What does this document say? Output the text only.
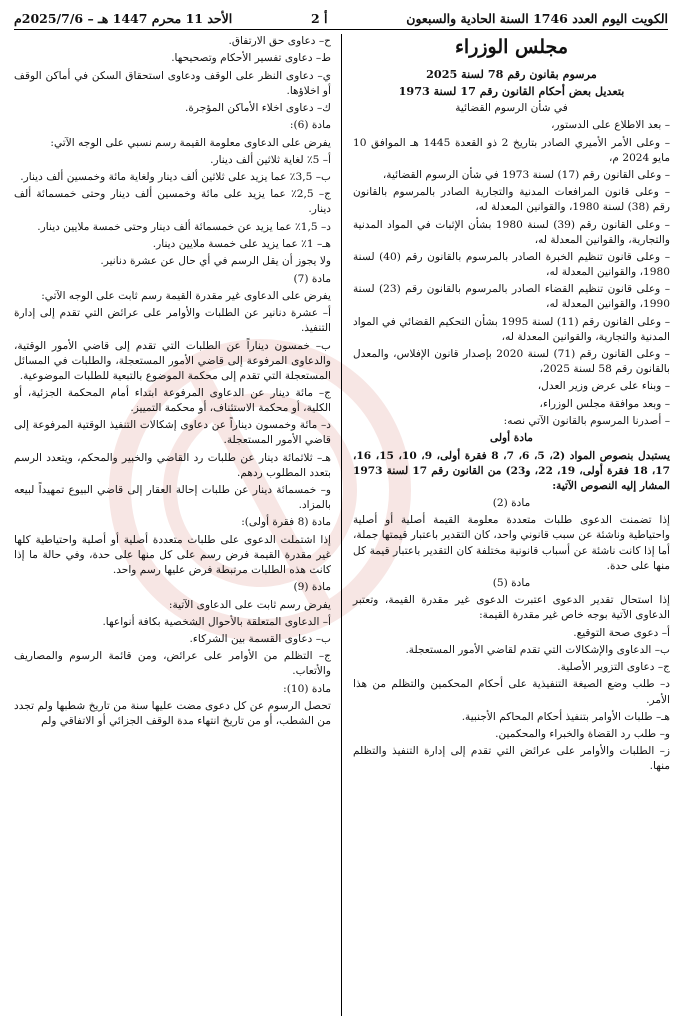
الكويت اليوم العدد 1746 السنة الحادية والسبعون
أ 2
الأحد 11 محرم 1447 هـ – 2025/7/6م
مجلس الوزراء

مرسوم بقانون رقم 78 لسنة 2025

بتعديل بعض أحكام القانون رقم 17 لسنة 1973

في شأن الرسوم القضائية

– بعد الاطلاع على الدستور،

– وعلى الأمر الأميري الصادر بتاريخ 2 ذو القعدة 1445 هـ الموافق 10 مايو 2024 م،

– وعلى القانون رقم (17) لسنة 1973 في شأن الرسوم القضائية،

– وعلى قانون المرافعات المدنية والتجارية الصادر بالمرسوم بالقانون رقم (38) لسنة 1980، والقوانين المعدلة له،

– وعلى القانون رقم (39) لسنة 1980 بشأن الإثبات في المواد المدنية والتجارية، والقوانين المعدلة له،

– وعلى قانون تنظيم الخبرة الصادر بالمرسوم بالقانون رقم (40) لسنة 1980، والقوانين المعدلة له،

– وعلى قانون تنظيم القضاء الصادر بالمرسوم بالقانون رقم (23) لسنة 1990، والقوانين المعدلة له،

– وعلى القانون رقم (11) لسنة 1995 بشأن التحكيم القضائي في المواد المدنية والتجارية، والقوانين المعدلة له،

– وعلى القانون رقم (71) لسنة 2020 بإصدار قانون الإفلاس، والمعدل بالقانون رقم 58 لسنة 2025،

– وبناء على عرض وزير العدل،

– وبعد موافقة مجلس الوزراء،

– أصدرنا المرسوم بالقانون الآتي نصه:

مادة أولى

يستبدل بنصوص المواد (2، 5، 6، 7، 8 فقرة أولى، 9، 10، 15، 16، 17، 18 فقرة أولى، 19، 22، و23) من القانون رقم 17 لسنة 1973 المشار إليه النصوص الآتية:

مادة (2)

إذا تضمنت الدعوى طلبات متعددة معلومة القيمة أصلية أو أصلية واحتياطية وناشئة عن سبب قانوني واحد، كان التقدير باعتبار قيمتها جملة، أما إذا كانت ناشئة عن أسباب قانونية مختلفة كان التقدير باعتبار قيمة كل منها على حدة.

مادة (5)

إذا استحال تقدير الدعوى اعتبرت الدعوى غير مقدرة القيمة، وتعتبر الدعاوى الآتية بوجه خاص غير مقدرة القيمة:

أ– دعوى صحة التوقيع.

ب– الدعاوى والإشكالات التي تقدم لقاضي الأمور المستعجلة.

ج– دعاوى التزوير الأصلية.

د– طلب وضع الصيغة التنفيذية على أحكام المحكمين والتظلم من هذا الأمر.

هـ– طلبات الأوامر بتنفيذ أحكام المحاكم الأجنبية.

و– طلب رد القضاة والخبراء والمحكمين.

ز– الطلبات والأوامر على عرائض التي تقدم إلى إدارة التنفيذ والتظلم منها.

ح– دعاوى حق الارتفاق.

ط– دعاوى تفسير الأحكام وتصحيحها.

ي– دعاوى النظر على الوقف ودعاوى استحقاق السكن في أماكن الوقف أو اخلاؤها.

ك– دعاوى اخلاء الأماكن المؤجرة.

مادة (6):

يفرض على الدعاوى معلومة القيمة رسم نسبي على الوجه الآتي:

أ– 5٪ لغاية ثلاثين ألف دينار.

ب– 3,5٪ عما يزيد على ثلاثين ألف دينار ولغاية مائة وخمسين ألف دينار.

ج– 2,5٪ عما يزيد على مائة وخمسين ألف دينار وحتى خمسمائة ألف دينار.

د– 1,5٪ عما يزيد عن خمسمائة ألف دينار وحتى خمسة ملايين دينار.

هـ– 1٪ عما يزيد على خمسة ملايين دينار.

ولا يجوز أن يقل الرسم في أي حال عن عشرة دنانير.

مادة (7)

يفرض على الدعاوى غير مقدرة القيمة رسم ثابت على الوجه الآتي:

أ– عشرة دنانير عن الطلبات والأوامر على عرائض التي تقدم إلى إدارة التنفيذ.

ب– خمسون ديناراً عن الطلبات التي تقدم إلى قاضي الأمور الوقتية، والدعاوى المرفوعة إلى قاضي الأمور المستعجلة، والطلبات في المسائل المستعجلة التي تقدم إلى محكمة الموضوع بالتبعية للطلبات الموضوعية.

ج– مائة دينار عن الدعاوى المرفوعة ابتداء أمام المحكمة الجزئية، أو الكلية، أو محكمة الاستئناف، أو محكمة التمييز.

د– مائة وخمسون ديناراً عن دعاوى إشكالات التنفيذ الوقتية المرفوعة إلى قاضي الأمور المستعجلة.

هـ– ثلاثمائة دينار عن طلبات رد القاضي والخبير والمحكم، ويتعدد الرسم بتعدد المطلوب ردهم.

و– خمسمائة دينار عن طلبات إحالة العقار إلى قاضي البيوع تمهيداً لبيعه بالمزاد.

مادة (8 فقرة أولى):

إذا اشتملت الدعوى على طلبات متعددة أصلية أو أصلية واحتياطية كلها غير مقدرة القيمة فرض رسم على كل منها على حدة، وفي حالة ما إذا كانت هذه الطلبات مرتبطة فرض عليها رسم واحد.

مادة (9)

يفرض رسم ثابت على الدعاوى الآتية:

أ– الدعاوى المتعلقة بالأحوال الشخصية بكافة أنواعها.

ب– دعاوى القسمة بين الشركاء.

ج– التظلم من الأوامر على عرائض، ومن قائمة الرسوم والمصاريف والأتعاب.

مادة (10):

تحصل الرسوم عن كل دعوى مضت عليها سنة من تاريخ شطبها ولم تجدد من الشطب، أو من تاريخ انتهاء مدة الوقف الجزائي أو الاتفاقي ولم
